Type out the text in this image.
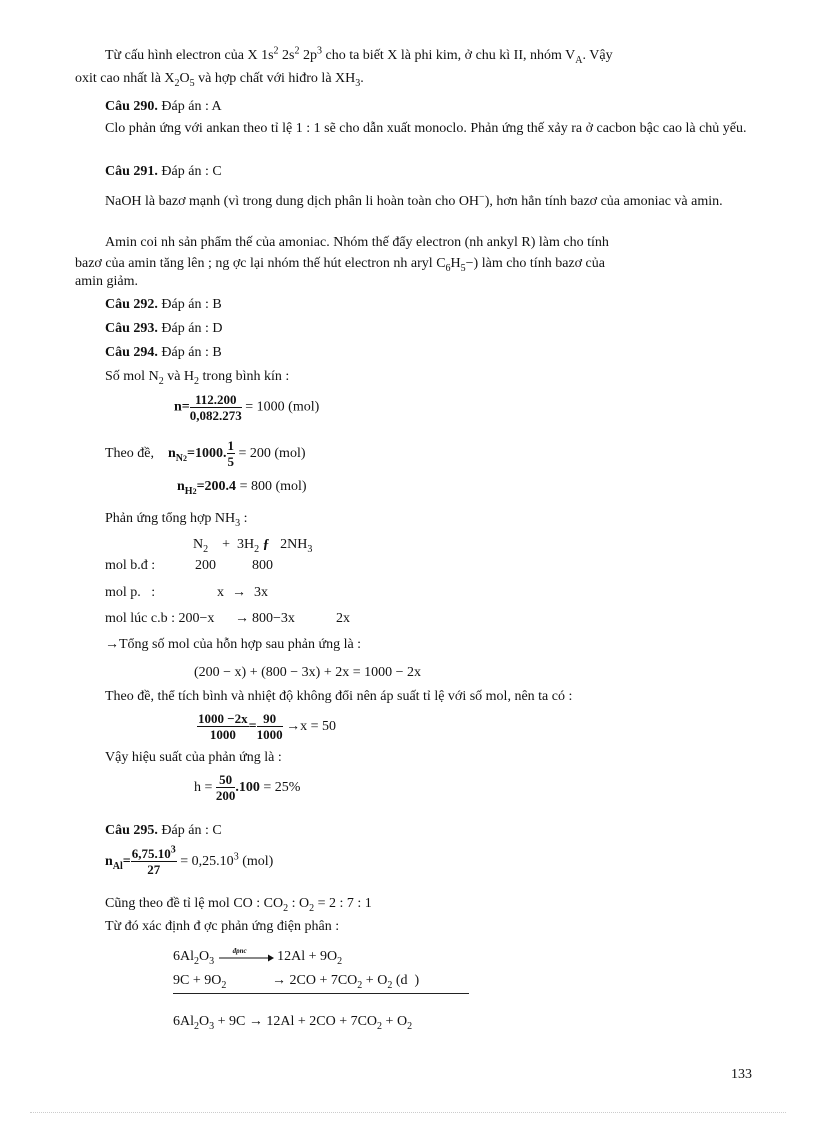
Từ cấu hình electron của X $1s^2$ $2s^2$ $2p^3$ cho ta biết X là phi kim, ở chu kì II, nhóm $V_A$. Vậy
oxit cao nhất là $X_2O_5$ và hợp chất với hiđro là $XH_3$.
Câu 290. Đáp án : A
Clo phản ứng với ankan theo tỉ lệ 1 : 1 sẽ cho dẫn xuất monoclo. Phản ứng thế xảy ra ở cacbon bậc cao là chủ yếu.
Câu 291. Đáp án : C
NaOH là bazơ mạnh (vì trong dung dịch phân li hoàn toàn cho OH−), hơn hẳn tính bazơ của amoniac và amin.
Amin coi nh sản phẩm thế của amoniac. Nhóm thế đẩy electron (nh ankyl R) làm cho tính
bazơ của amin tăng lên ; ng ợc lại nhóm thế hút electron nh aryl $C_6H_5-$) làm cho tính bazơ của
amin giảm.
Câu 292. Đáp án : B
Câu 293. Đáp án : D
Câu 294. Đáp án : B
Số mol $N_2$ và $H_2$ trong bình kín :
$n= \frac{112.200}{0,082.273} = 1000$ (mol)
Theo đề, $n_{N2}=1000$. $\frac{1}{5} = 200$ (mol)
$n_{H2}=200.4 = 800$ (mol)
Phản ứng tổng hợp $NH_3$ :
$N_2$    +  $3H_2$ ƒ   $2NH_3$
mol b.đ :	200	800
mol p.   :	x → 3x
mol lúc c.b : 200−x → 800−3x	2x
→Tổng số mol của hỗn hợp sau phản ứng là :
(200 − x) + (800 − 3x) + 2x = 1000 − 2x
Theo đề, thể tích bình và nhiệt độ không đổi nên áp suất tỉ lệ với số mol, nên ta có :
$\frac{1000 -2x}{1000} = \frac{90}{1000} \to x = 50$
Vậy hiệu suất của phản ứng là :
$h = \frac{50}{200} .100 = 25\%$
Câu 295. Đáp án : C
$n_{Al}= \frac{6,75.10^3}{27} = 0,25.10^3$ (mol)
Cũng theo đề tỉ lệ mol CO : $CO_2$ : $O_2 = 2$ : 7 : 1
Từ đó xác định đ ợc phản ứng điện phân :
$6Al_2O_3$
đpnc $12Al + 9O_2$
$9C + 9O_2$	→ $2CO + 7CO_2 + O_2$ (d  )
$6Al_2O_3 + 9C \to 12Al + 2CO + 7CO_2 + O_2$
133
